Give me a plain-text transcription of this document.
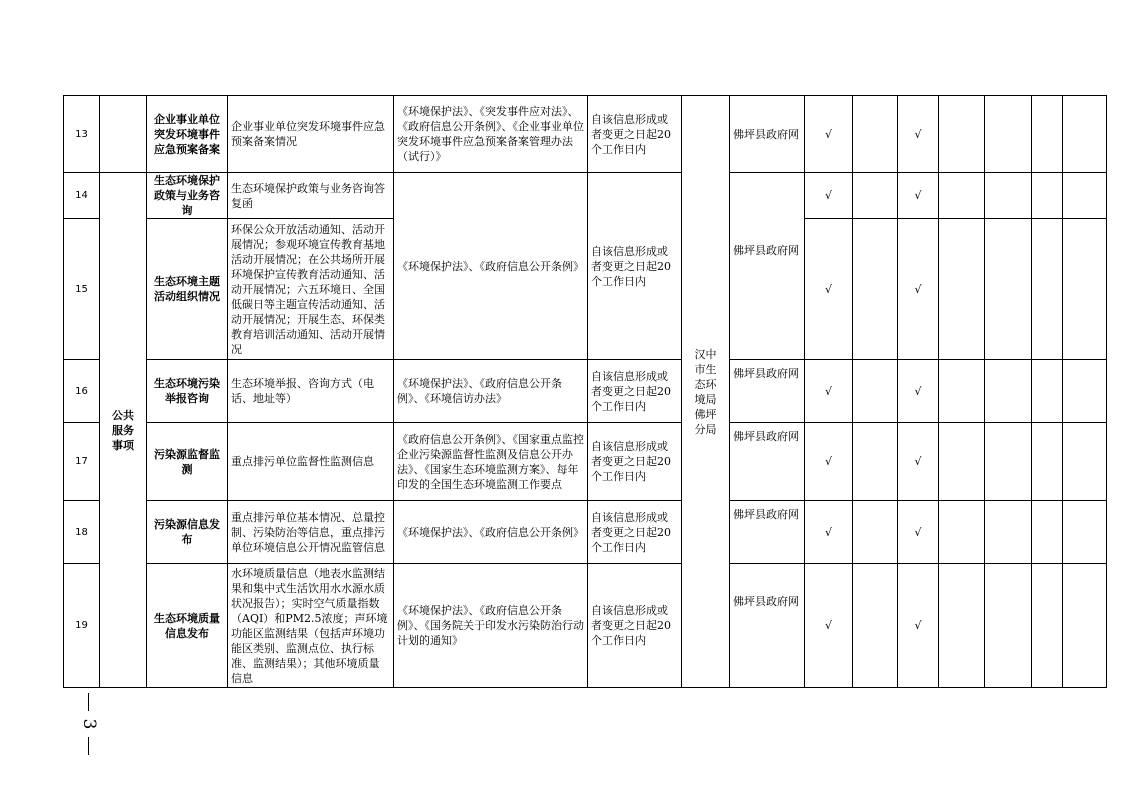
13		企业事业单位突发环境事件应急预案备案	企业事业单位突发环境事件应急预案备案情况	《环境保护法》、《突发事件应对法》、《政府信息公开条例》、《企业事业单位突发环境事件应急预案备案管理办法（试行）》	自该信息形成或者变更之日起20个工作日内	汉中市生态环境局佛坪分局	佛坪县政府网	√		√				
14	公共服务事项	生态环境保护政策与业务咨询	生态环境保护政策与业务咨询答复函	《环境保护法》、《政府信息公开条例》	自该信息形成或者变更之日起20个工作日内		佛坪县政府网	√		√				
15		生态环境主题活动组织情况	环保公众开放活动通知、活动开展情况；参观环境宣传教育基地活动开展情况；在公共场所开展环境保护宣传教育活动通知、活动开展情况；六五环境日、全国低碳日等主题宣传活动通知、活动开展情况；开展生态、环保类教育培训活动通知、活动开展情况					√		√				
16		生态环境污染举报咨询	生态环境举报、咨询方式（电话、地址等）	《环境保护法》、《政府信息公开条例》、《环境信访办法》	自该信息形成或者变更之日起20个工作日内		佛坪县政府网	√		√				
17		污染源监督监测	重点排污单位监督性监测信息	《政府信息公开条例》、《国家重点监控企业污染源监督性监测及信息公开办法》、《国家生态环境监测方案》、每年印发的全国生态环境监测工作要点	自该信息形成或者变更之日起20个工作日内		佛坪县政府网	√		√				
18		污染源信息发布	重点排污单位基本情况、总量控制、污染防治等信息，重点排污单位环境信息公开情况监管信息	《环境保护法》、《政府信息公开条例》	自该信息形成或者变更之日起20个工作日内		佛坪县政府网	√		√				
19		生态环境质量信息发布	水环境质量信息（地表水监测结果和集中式生活饮用水水源水质状况报告）；实时空气质量指数（AQI）和PM2.5浓度；声环境功能区监测结果（包括声环境功能区类别、监测点位、执行标准、监测结果）；其他环境质量信息	《环境保护法》、《政府信息公开条例》、《国务院关于印发水污染防治行动计划的通知》	自该信息形成或者变更之日起20个工作日内		佛坪县政府网	√		√				
3
